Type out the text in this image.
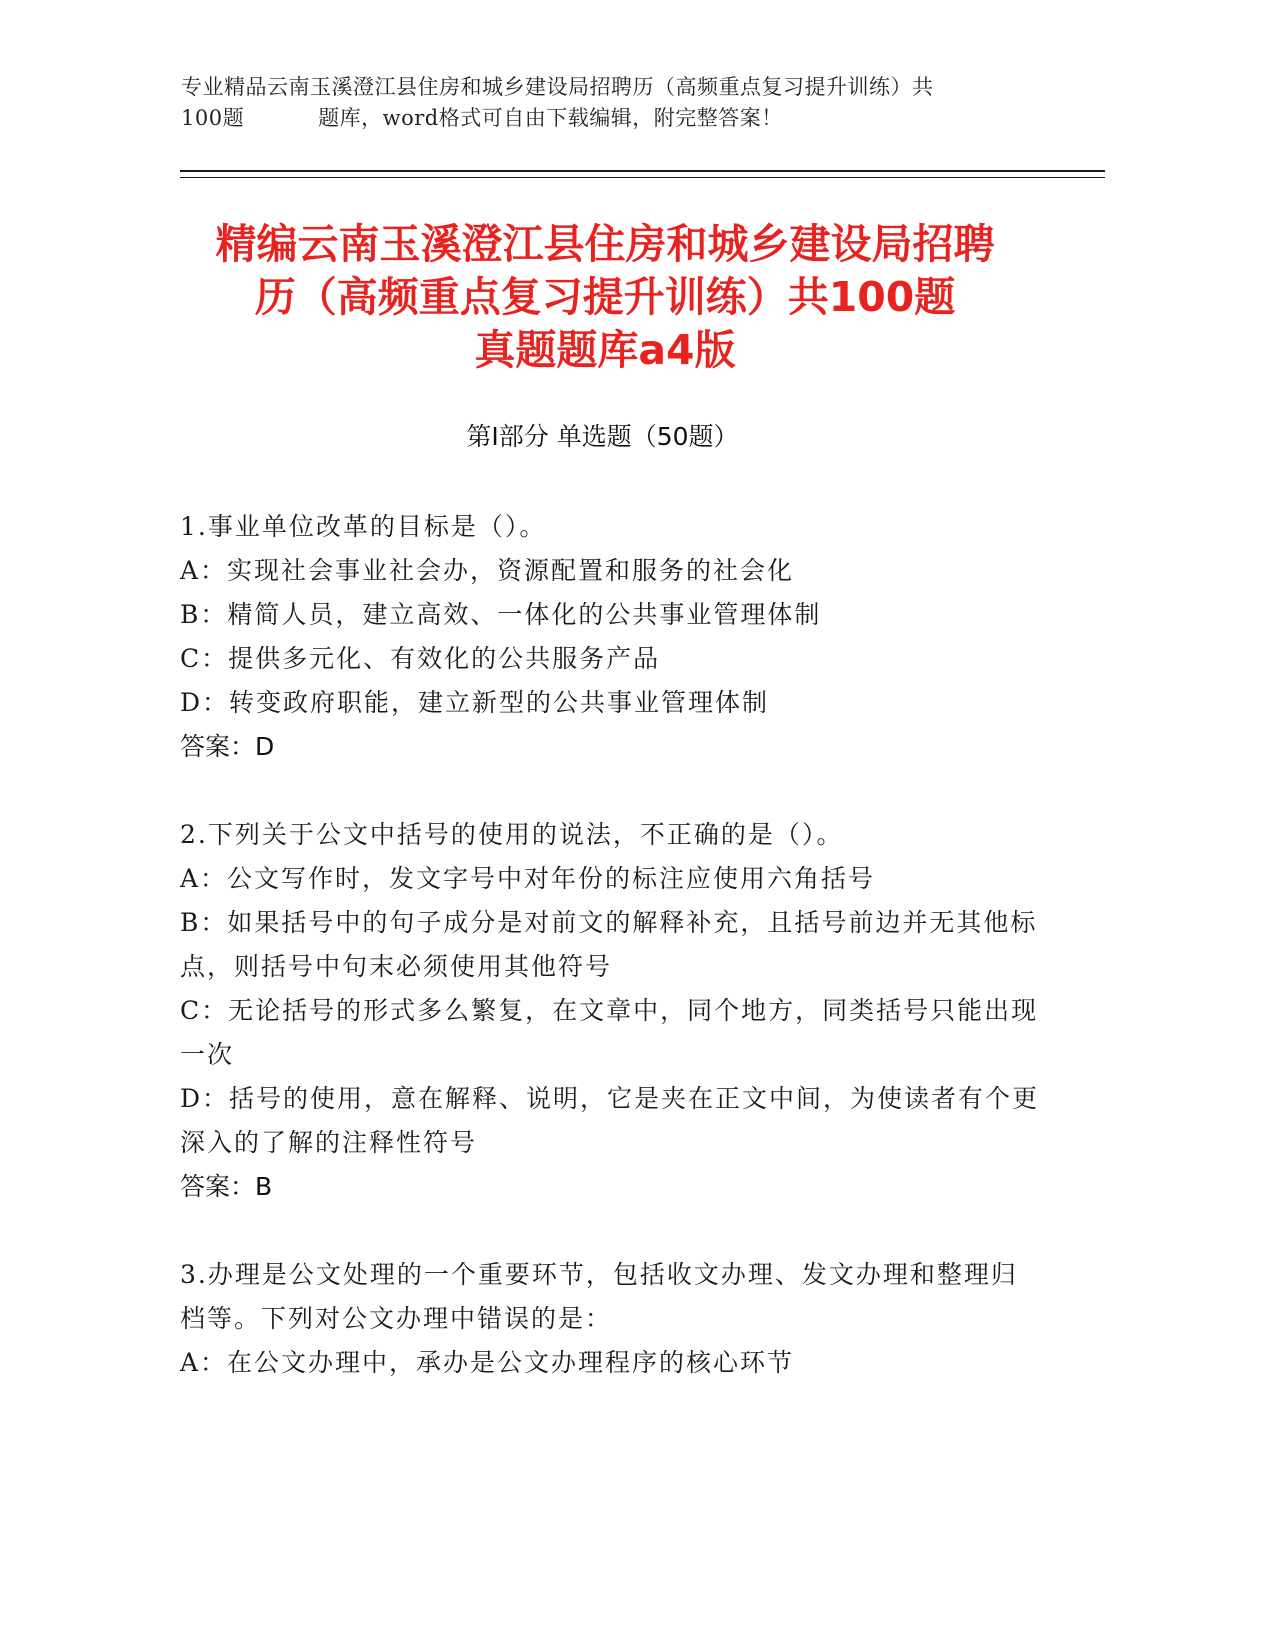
专业精品云南玉溪澄江县住房和城乡建设局招聘历（高频重点复习提升训练）共
100题	题库，word格式可自由下载编辑，附完整答案！
精编云南玉溪澄江县住房和城乡建设局招聘
历（高频重点复习提升训练）共100题
真题题库a4版
第Ⅰ部分 单选题（50题）
1.事业单位改革的目标是（）。
A：实现社会事业社会办，资源配置和服务的社会化
B：精简人员，建立高效、一体化的公共事业管理体制
C：提供多元化、有效化的公共服务产品
D：转变政府职能，建立新型的公共事业管理体制
答案：D
2.下列关于公文中括号的使用的说法，不正确的是（）。
A：公文写作时，发文字号中对年份的标注应使用六角括号
B：如果括号中的句子成分是对前文的解释补充，且括号前边并无其他标点，则括号中句末必须使用其他符号
C：无论括号的形式多么繁复，在文章中，同个地方，同类括号只能出现一次
D：括号的使用，意在解释、说明，它是夹在正文中间，为使读者有个更深入的了解的注释性符号
答案：B
3.办理是公文处理的一个重要环节，包括收文办理、发文办理和整理归档等。下列对公文办理中错误的是：
A：在公文办理中，承办是公文办理程序的核心环节
